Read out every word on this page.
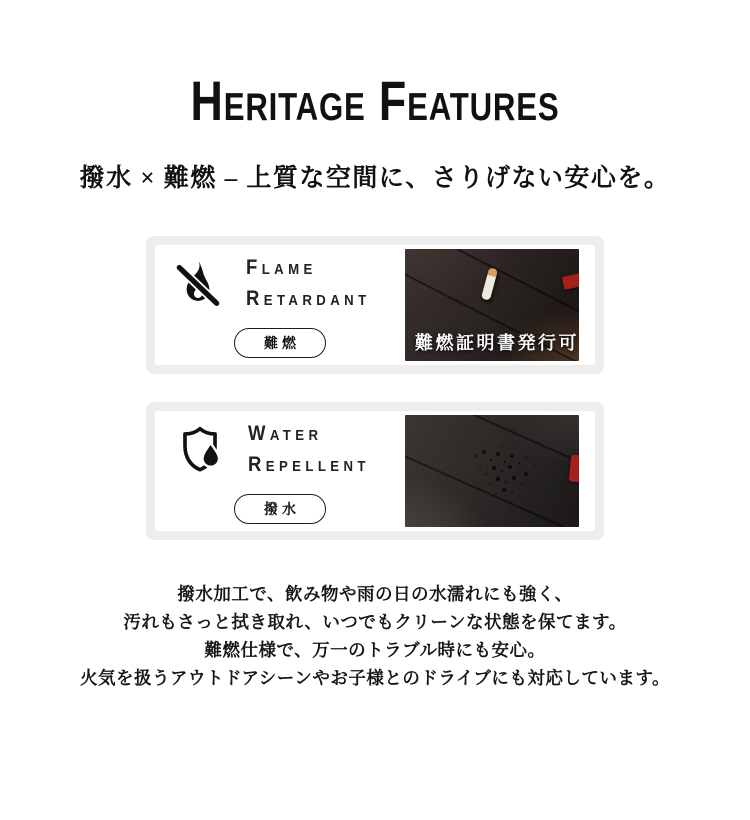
Heritage Features
撥水 × 難燃 – 上質な空間に、さりげない安心を。
Flame
Retardant
難燃	難燃証明書発行可
Water
Repellent
撥水
撥水加工で、飲み物や雨の日の水濡れにも強く、
汚れもさっと拭き取れ、いつでもクリーンな状態を保てます。
難燃仕様で、万一のトラブル時にも安心。
火気を扱うアウトドアシーンやお子様とのドライブにも対応しています。
